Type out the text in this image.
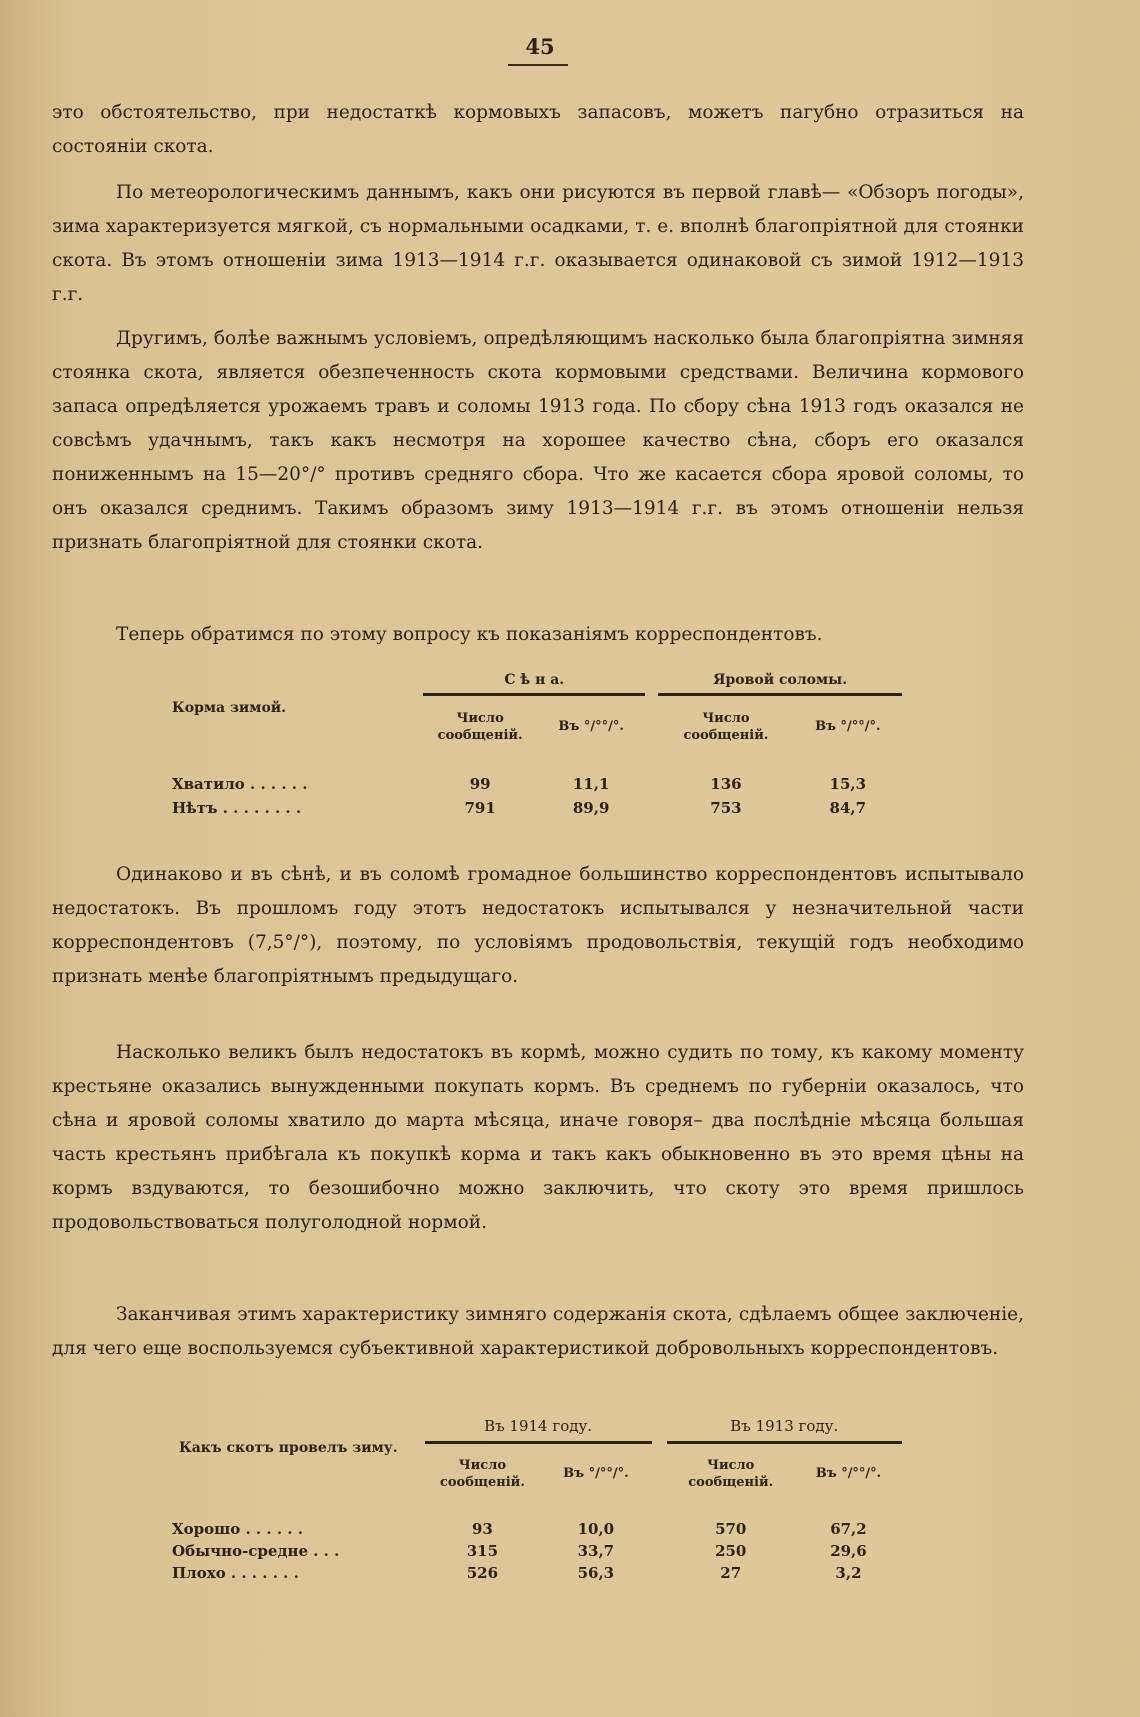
45

это обстоятельство, при недостаткѣ кормовыхъ запасовъ, можетъ пагубно отразиться на состоянiи скота.

По метеорологическимъ даннымъ, какъ они рисуются въ первой главѣ— «Обзоръ погоды», зима характеризуется мягкой, съ нормальными осадками, т. е. вполнѣ благопрiятной для стоянки скота. Въ этомъ отношенiи зима 1913—1914 г.г. оказывается одинаковой съ зимой 1912—1913 г.г.

Другимъ, болѣе важнымъ условiемъ, опредѣляющимъ насколько была благопрiятна зимняя стоянка скота, является обезпеченность скота кормовыми средствами. Величина кормового запаса опредѣляется урожаемъ травъ и соломы 1913 года. По сбору сѣна 1913 годъ оказался не совсѣмъ удачнымъ, такъ какъ несмотря на хорошее качество сѣна, сборъ его оказался пониженнымъ на 15—20°/° противъ средняго сбора. Что же касается сбора яровой соломы, то онъ оказался среднимъ. Такимъ образомъ зиму 1913—1914 г.г. въ этомъ отношенiи нельзя признать благопрiятной для стоянки скота.

Теперь обратимся по этому вопросу къ показанiямъ корреспондентовъ.

Корма зимой.	С ѣ н а.			Яровой соломы.	
	Число сообщенiй.	Въ °/°°/°.		Число сообщенiй.	Въ °/°°/°.

Хватило . . . . . .	99	11,1		136	15,3
Нѣтъ . . . . . . . .	791	89,9		753	84,7

Одинаково и въ сѣнѣ, и въ соломѣ громадное большинство корреспондентовъ испытывало недостатокъ. Въ прошломъ году этотъ недостатокъ испытывался у незначительной части корреспондентовъ (7,5°/°), поэтому, по условiямъ продовольствiя, текущiй годъ необходимо признать менѣе благопрiятнымъ предыдущаго.

Насколько великъ былъ недостатокъ въ кормѣ, можно судить по тому, къ какому моменту крестьяне оказались вынужденными покупать кормъ. Въ среднемъ по губернiи оказалось, что сѣна и яровой соломы хватило до марта мѣсяца, иначе говоря– два послѣднiе мѣсяца большая часть крестьянъ прибѣгала къ покупкѣ корма и такъ какъ обыкновенно въ это время цѣны на кормъ вздуваются, то безошибочно можно заключить, что скоту это время пришлось продовольствоваться полуголодной нормой.

Заканчивая этимъ характеристику зимняго содержанiя скота, сдѣлаемъ общее заключенiе, для чего еще воспользуемся субъективной характеристикой добровольныхъ корреспондентовъ.

Какъ скотъ провелъ зиму.	Въ 1914 году.			Въ 1913 году.	
	Число сообщенiй.	Въ °/°°/°.		Число сообщенiй.	Въ °/°°/°.

Хорошо . . . . . .	93	10,0		570	67,2
Обычно-средне . . .	315	33,7		250	29,6
Плохо . . . . . . .	526	56,3		27	3,2
